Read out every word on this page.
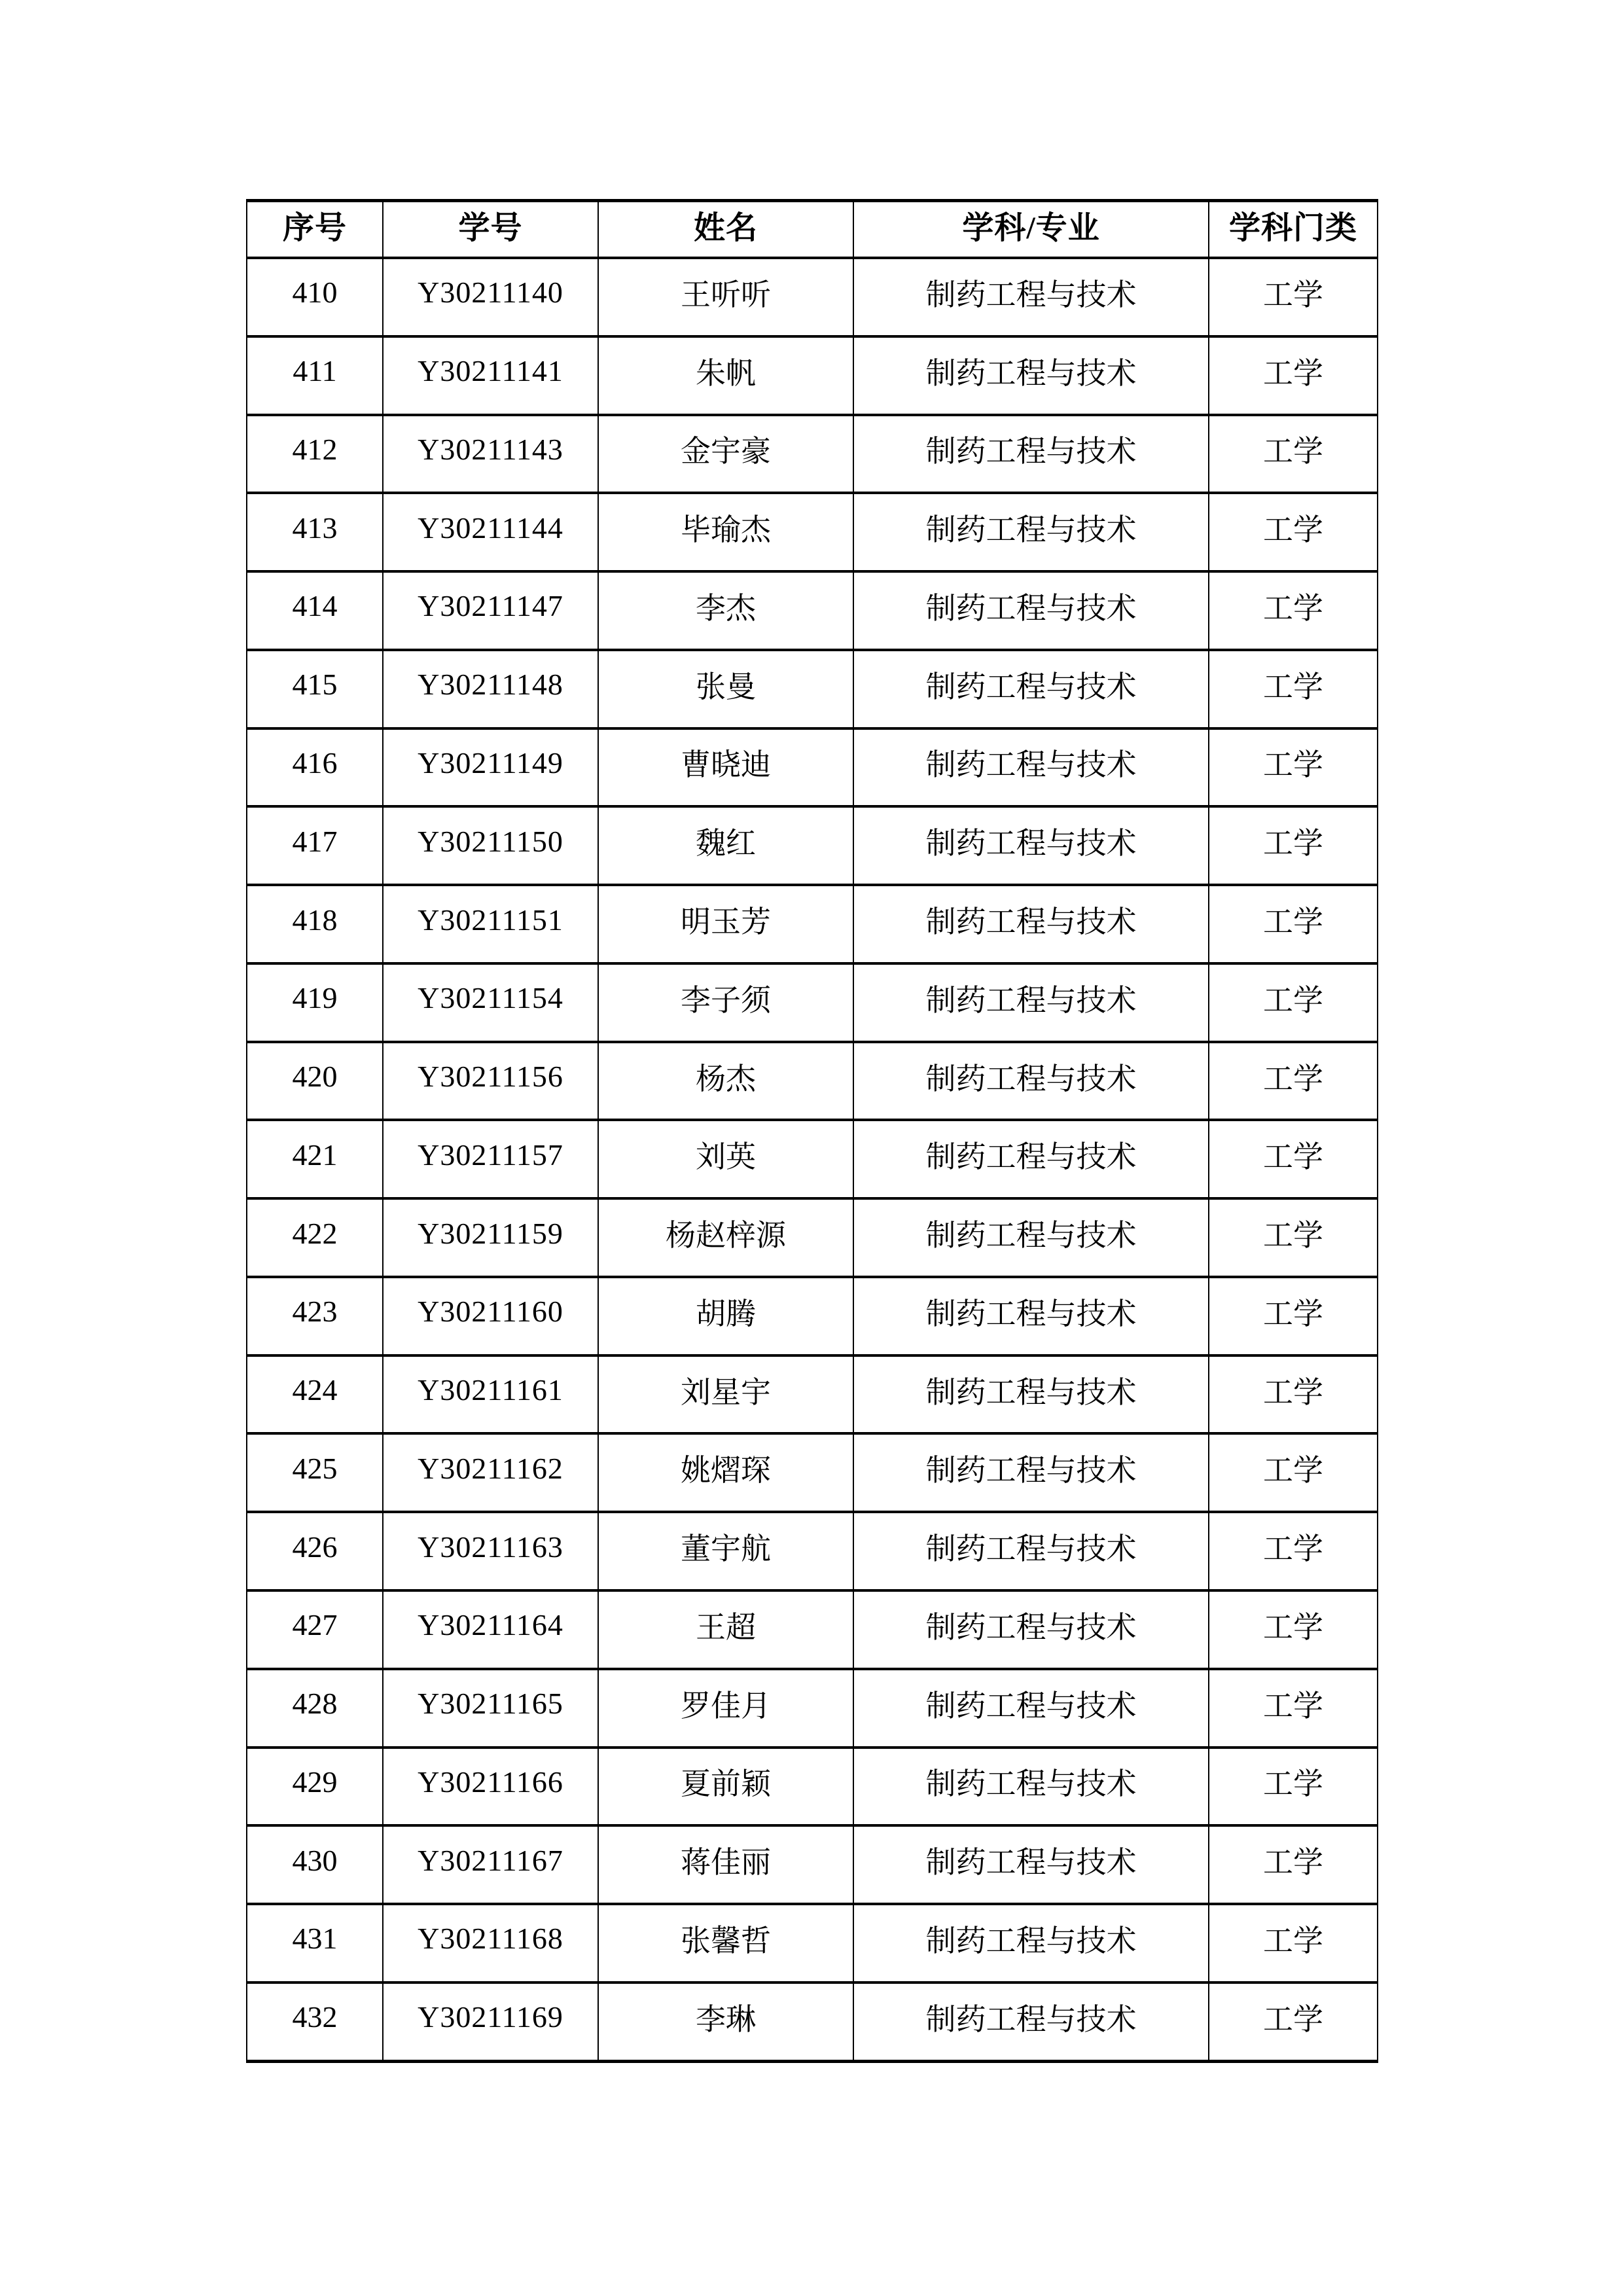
序号	学号	姓名	学科/专业	学科门类
410	Y30211140	王听听	制药工程与技术	工学
411	Y30211141	朱帆	制药工程与技术	工学
412	Y30211143	金宇豪	制药工程与技术	工学
413	Y30211144	毕瑜杰	制药工程与技术	工学
414	Y30211147	李杰	制药工程与技术	工学
415	Y30211148	张曼	制药工程与技术	工学
416	Y30211149	曹晓迪	制药工程与技术	工学
417	Y30211150	魏红	制药工程与技术	工学
418	Y30211151	明玉芳	制药工程与技术	工学
419	Y30211154	李子须	制药工程与技术	工学
420	Y30211156	杨杰	制药工程与技术	工学
421	Y30211157	刘英	制药工程与技术	工学
422	Y30211159	杨赵梓源	制药工程与技术	工学
423	Y30211160	胡腾	制药工程与技术	工学
424	Y30211161	刘星宇	制药工程与技术	工学
425	Y30211162	姚熠琛	制药工程与技术	工学
426	Y30211163	董宇航	制药工程与技术	工学
427	Y30211164	王超	制药工程与技术	工学
428	Y30211165	罗佳月	制药工程与技术	工学
429	Y30211166	夏前颖	制药工程与技术	工学
430	Y30211167	蒋佳丽	制药工程与技术	工学
431	Y30211168	张馨哲	制药工程与技术	工学
432	Y30211169	李琳	制药工程与技术	工学
